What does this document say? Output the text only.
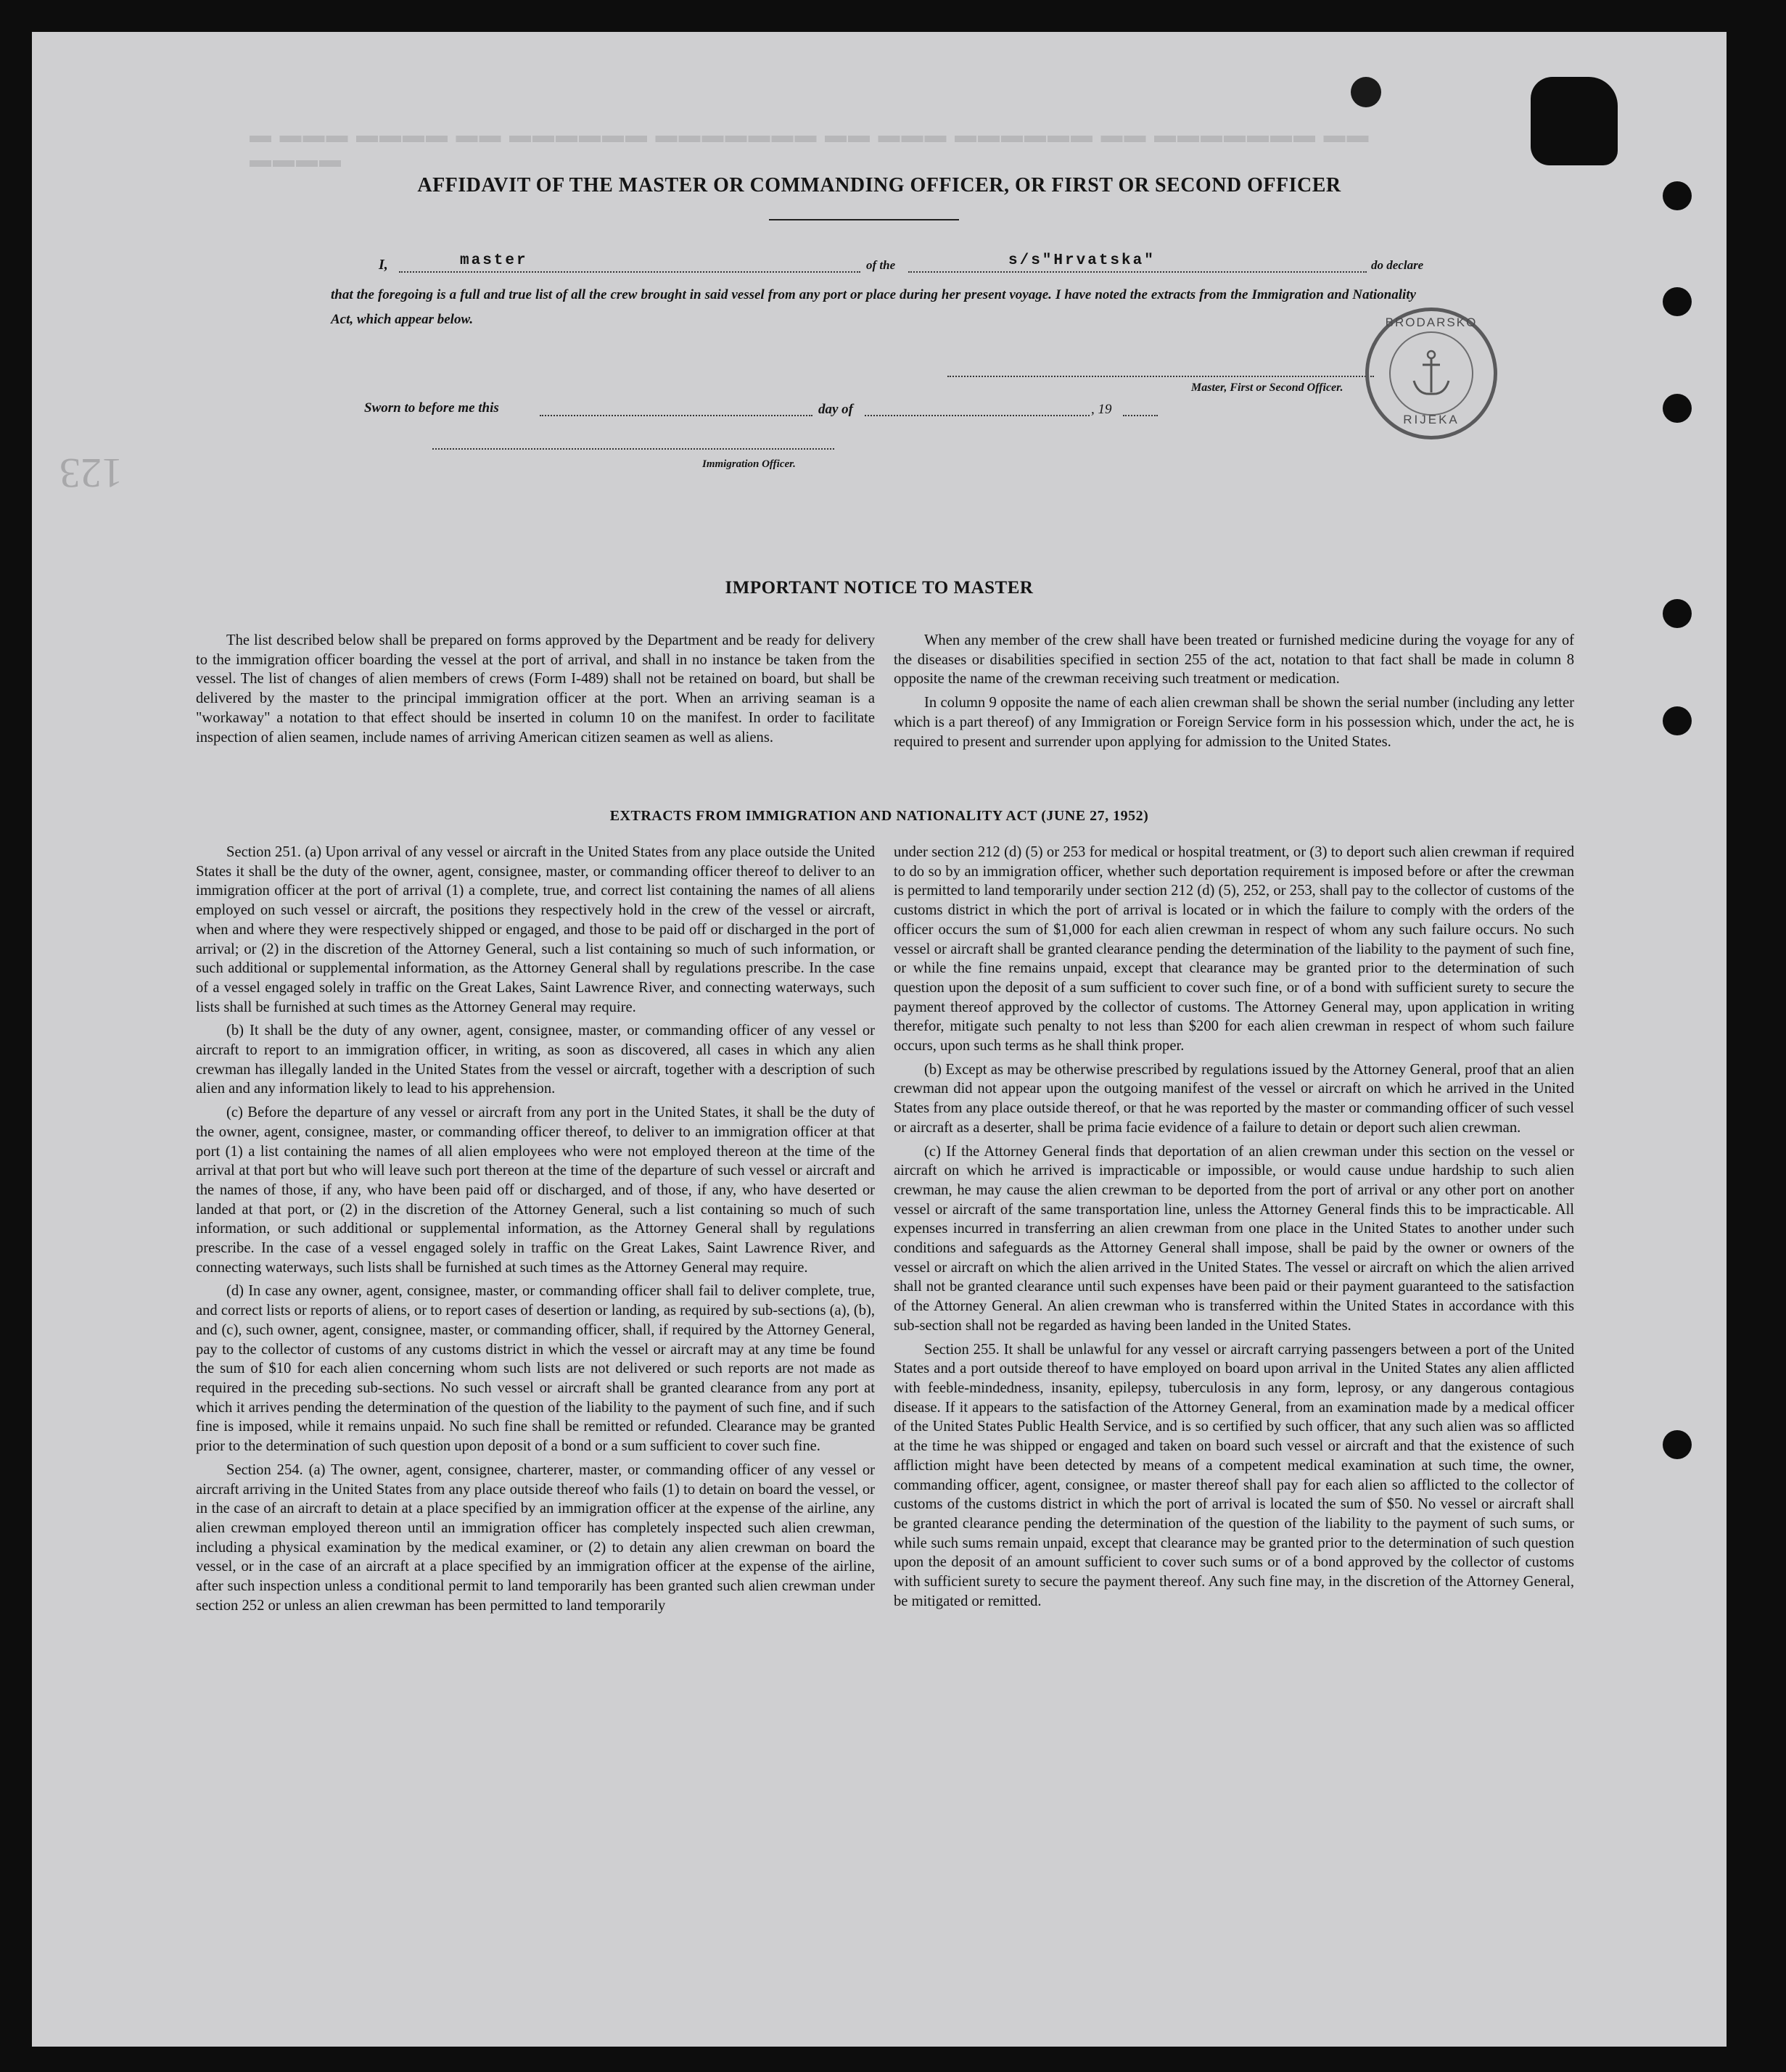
▬ ▬▬▬ ▬▬▬▬ ▬▬ ▬▬▬▬▬▬ ▬▬▬▬▬▬▬ ▬▬ ▬▬▬ ▬▬▬▬▬▬ ▬▬ ▬▬▬▬▬▬▬ ▬▬ ▬▬▬▬
123
AFFIDAVIT OF THE MASTER OR COMMANDING OFFICER, OR FIRST OR SECOND OFFICER
I,	master	of the	s/s"Hrvatska"	do declare
that the foregoing is a full and true list of all the crew brought in said vessel from any port or place during her present voyage. I have noted the extracts from the Immigration and Nationality Act, which appear below.
Master, First or Second Officer.
Sworn to before me this	day of	, 19
Immigration Officer.
BRODARSKO
RIJEKA
IMPORTANT NOTICE TO MASTER

The list described below shall be prepared on forms approved by the Department and be ready for delivery to the immigration officer boarding the vessel at the port of arrival, and shall in no instance be taken from the vessel. The list of changes of alien members of crews (Form I-489) shall not be retained on board, but shall be delivered by the master to the principal immigration officer at the port. When an arriving seaman is a "workaway" a notation to that effect should be inserted in column 10 on the manifest. In order to facilitate inspection of alien seamen, include names of arriving American citizen seamen as well as aliens.

When any member of the crew shall have been treated or furnished medicine during the voyage for any of the diseases or disabilities specified in section 255 of the act, notation to that fact shall be made in column 8 opposite the name of the crewman receiving such treatment or medication.

In column 9 opposite the name of each alien crewman shall be shown the serial number (including any letter which is a part thereof) of any Immigration or Foreign Service form in his possession which, under the act, he is required to present and surrender upon applying for admission to the United States.

EXTRACTS FROM IMMIGRATION AND NATIONALITY ACT (JUNE 27, 1952)

Section 251. (a) Upon arrival of any vessel or aircraft in the United States from any place outside the United States it shall be the duty of the owner, agent, consignee, master, or commanding officer thereof to deliver to an immigration officer at the port of arrival (1) a complete, true, and correct list containing the names of all aliens employed on such vessel or aircraft, the positions they respectively hold in the crew of the vessel or aircraft, when and where they were respectively shipped or engaged, and those to be paid off or discharged in the port of arrival; or (2) in the discretion of the Attorney General, such a list containing so much of such information, or such additional or supplemental information, as the Attorney General shall by regulations prescribe. In the case of a vessel engaged solely in traffic on the Great Lakes, Saint Lawrence River, and connecting waterways, such lists shall be furnished at such times as the Attorney General may require.

(b) It shall be the duty of any owner, agent, consignee, master, or commanding officer of any vessel or aircraft to report to an immigration officer, in writing, as soon as discovered, all cases in which any alien crewman has illegally landed in the United States from the vessel or aircraft, together with a description of such alien and any information likely to lead to his apprehension.

(c) Before the departure of any vessel or aircraft from any port in the United States, it shall be the duty of the owner, agent, consignee, master, or commanding officer thereof, to deliver to an immigration officer at that port (1) a list containing the names of all alien employees who were not employed thereon at the time of the arrival at that port but who will leave such port thereon at the time of the departure of such vessel or aircraft and the names of those, if any, who have been paid off or discharged, and of those, if any, who have deserted or landed at that port, or (2) in the discretion of the Attorney General, such a list containing so much of such information, or such additional or supplemental information, as the Attorney General shall by regulations prescribe. In the case of a vessel engaged solely in traffic on the Great Lakes, Saint Lawrence River, and connecting waterways, such lists shall be furnished at such times as the Attorney General may require.

(d) In case any owner, agent, consignee, master, or commanding officer shall fail to deliver complete, true, and correct lists or reports of aliens, or to report cases of desertion or landing, as required by sub-sections (a), (b), and (c), such owner, agent, consignee, master, or commanding officer, shall, if required by the Attorney General, pay to the collector of customs of any customs district in which the vessel or aircraft may at any time be found the sum of $10 for each alien concerning whom such lists are not delivered or such reports are not made as required in the preceding sub-sections. No such vessel or aircraft shall be granted clearance from any port at which it arrives pending the determination of the question of the liability to the payment of such fine, and if such fine is imposed, while it remains unpaid. No such fine shall be remitted or refunded. Clearance may be granted prior to the determination of such question upon deposit of a bond or a sum sufficient to cover such fine.

Section 254. (a) The owner, agent, consignee, charterer, master, or commanding officer of any vessel or aircraft arriving in the United States from any place outside thereof who fails (1) to detain on board the vessel, or in the case of an aircraft to detain at a place specified by an immigration officer at the expense of the airline, any alien crewman employed thereon until an immigration officer has completely inspected such alien crewman, including a physical examination by the medical examiner, or (2) to detain any alien crewman on board the vessel, or in the case of an aircraft at a place specified by an immigration officer at the expense of the airline, after such inspection unless a conditional permit to land temporarily has been granted such alien crewman under section 252 or unless an alien crewman has been permitted to land temporarily

under section 212 (d) (5) or 253 for medical or hospital treatment, or (3) to deport such alien crewman if required to do so by an immigration officer, whether such deportation requirement is imposed before or after the crewman is permitted to land temporarily under section 212 (d) (5), 252, or 253, shall pay to the collector of customs of the customs district in which the port of arrival is located or in which the failure to comply with the orders of the officer occurs the sum of $1,000 for each alien crewman in respect of whom any such failure occurs. No such vessel or aircraft shall be granted clearance pending the determination of the liability to the payment of such fine, or while the fine remains unpaid, except that clearance may be granted prior to the determination of such question upon the deposit of a sum sufficient to cover such fine, or of a bond with sufficient surety to secure the payment thereof approved by the collector of customs. The Attorney General may, upon application in writing therefor, mitigate such penalty to not less than $200 for each alien crewman in respect of whom such failure occurs, upon such terms as he shall think proper.

(b) Except as may be otherwise prescribed by regulations issued by the Attorney General, proof that an alien crewman did not appear upon the outgoing manifest of the vessel or aircraft on which he arrived in the United States from any place outside thereof, or that he was reported by the master or commanding officer of such vessel or aircraft as a deserter, shall be prima facie evidence of a failure to detain or deport such alien crewman.

(c) If the Attorney General finds that deportation of an alien crewman under this section on the vessel or aircraft on which he arrived is impracticable or impossible, or would cause undue hardship to such alien crewman, he may cause the alien crewman to be deported from the port of arrival or any other port on another vessel or aircraft of the same transportation line, unless the Attorney General finds this to be impracticable. All expenses incurred in transferring an alien crewman from one place in the United States to another under such conditions and safeguards as the Attorney General shall impose, shall be paid by the owner or owners of the vessel or aircraft on which the alien arrived in the United States. The vessel or aircraft on which the alien arrived shall not be granted clearance until such expenses have been paid or their payment guaranteed to the satisfaction of the Attorney General. An alien crewman who is transferred within the United States in accordance with this sub-section shall not be regarded as having been landed in the United States.

Section 255. It shall be unlawful for any vessel or aircraft carrying passengers between a port of the United States and a port outside thereof to have employed on board upon arrival in the United States any alien afflicted with feeble-mindedness, insanity, epilepsy, tuberculosis in any form, leprosy, or any dangerous contagious disease. If it appears to the satisfaction of the Attorney General, from an examination made by a medical officer of the United States Public Health Service, and is so certified by such officer, that any such alien was so afflicted at the time he was shipped or engaged and taken on board such vessel or aircraft and that the existence of such affliction might have been detected by means of a competent medical examination at such time, the owner, commanding officer, agent, consignee, or master thereof shall pay for each alien so afflicted to the collector of customs of the customs district in which the port of arrival is located the sum of $50. No vessel or aircraft shall be granted clearance pending the determination of the question of the liability to the payment of such sums, or while such sums remain unpaid, except that clearance may be granted prior to the determination of such question upon the deposit of an amount sufficient to cover such sums or of a bond approved by the collector of customs with sufficient surety to secure the payment thereof. Any such fine may, in the discretion of the Attorney General, be mitigated or remitted.
